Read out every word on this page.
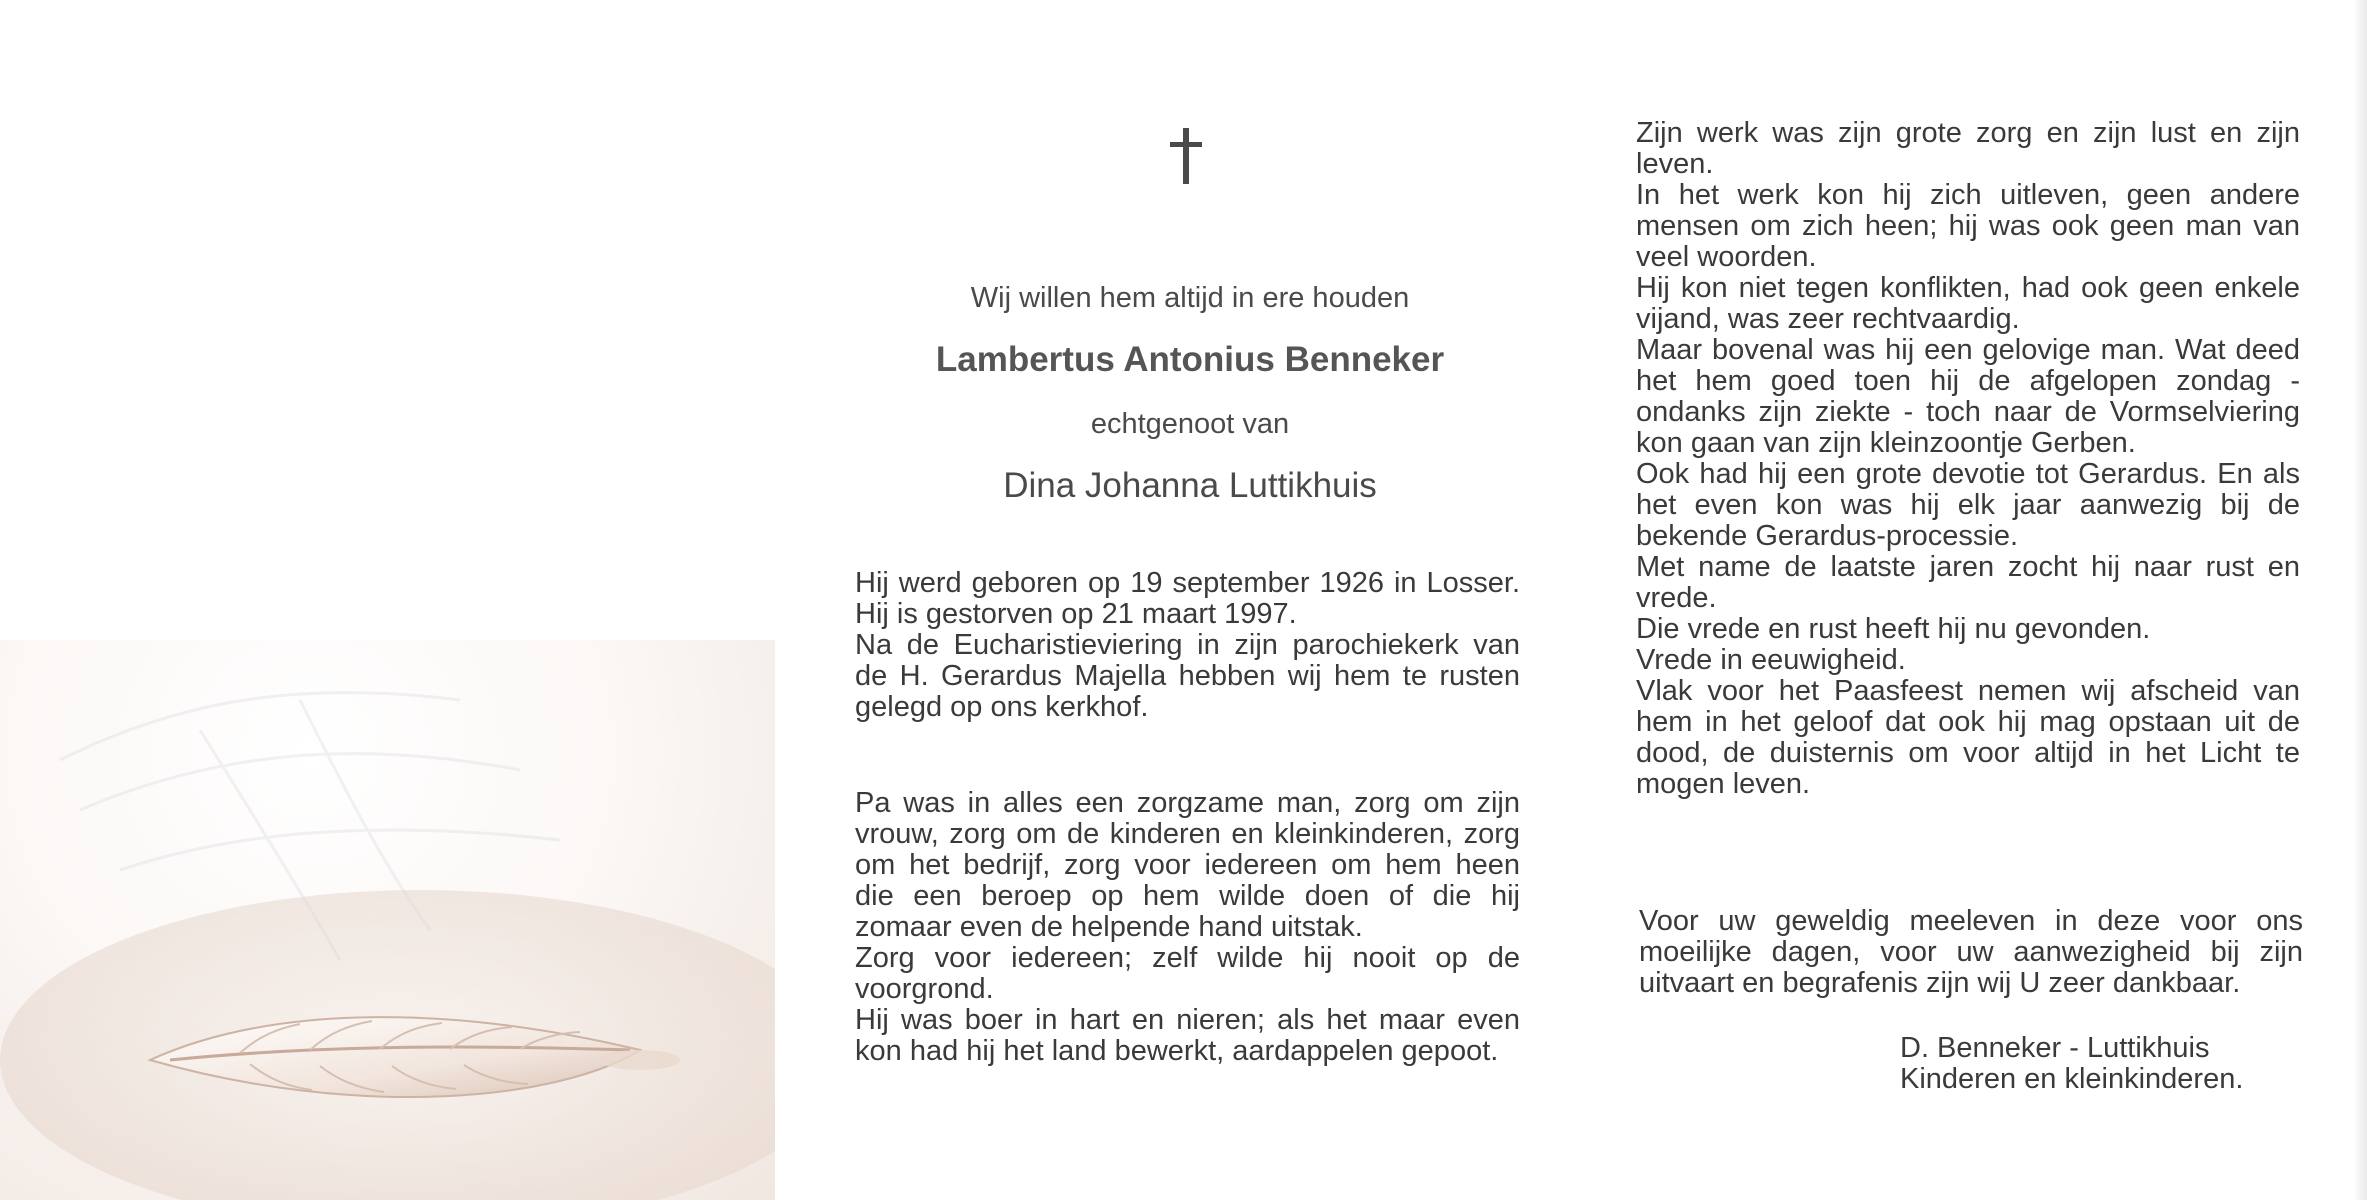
Wij willen hem altijd in ere houden

Lambertus Antonius Benneker

echtgenoot van

Dina Johanna Luttikhuis

Hij werd geboren op 19 september 1926 in Losser. Hij is gestorven op 21 maart 1997.
Na de Eucharistieviering in zijn parochiekerk van de H. Gerardus Majella hebben wij hem te rusten gelegd op ons kerkhof.
Pa was in alles een zorgzame man, zorg om zijn vrouw, zorg om de kinderen en kleinkinderen, zorg om het bedrijf, zorg voor iedereen om hem heen die een beroep op hem wilde doen of die hij zomaar even de helpende hand uitstak.
Zorg voor iedereen; zelf wilde hij nooit op de voorgrond.
Hij was boer in hart en nieren; als het maar even kon had hij het land bewerkt, aardappelen gepoot.
Zijn werk was zijn grote zorg en zijn lust en zijn leven.
In het werk kon hij zich uitleven, geen andere mensen om zich heen; hij was ook geen man van veel woorden.
Hij kon niet tegen konflikten, had ook geen enkele vijand, was zeer rechtvaardig.
Maar bovenal was hij een gelovige man. Wat deed het hem goed toen hij de afgelopen zondag - ondanks zijn ziekte - toch naar de Vormselviering kon gaan van zijn kleinzoontje Gerben.
Ook had hij een grote devotie tot Gerardus. En als het even kon was hij elk jaar aanwezig bij de bekende Gerardus-processie.
Met name de laatste jaren zocht hij naar rust en vrede.
Die vrede en rust heeft hij nu gevonden.
Vrede in eeuwigheid.
Vlak voor het Paasfeest nemen wij afscheid van hem in het geloof dat ook hij mag opstaan uit de dood, de duisternis om voor altijd in het Licht te mogen leven.

Voor uw geweldig meeleven in deze voor ons moeilijke dagen, voor uw aanwezigheid bij zijn uitvaart en begrafenis zijn wij U zeer dankbaar.

D. Benneker - Luttikhuis
Kinderen en kleinkinderen.
